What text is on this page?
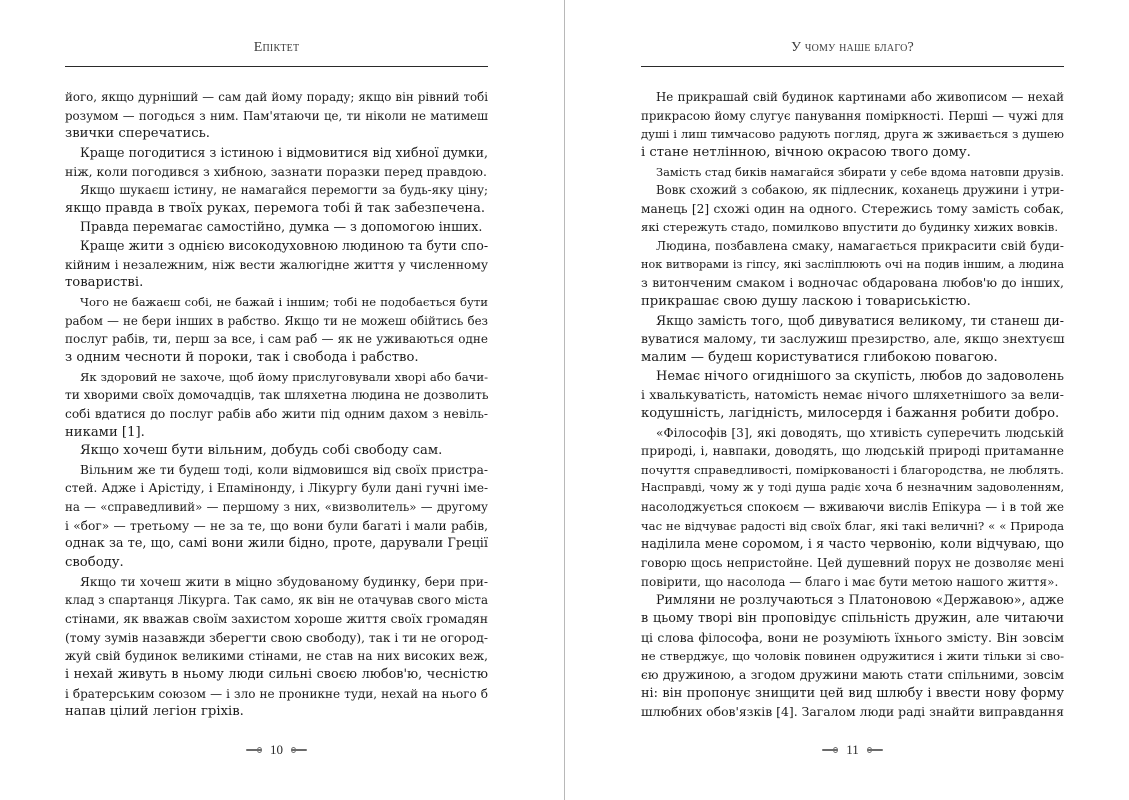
Епіктет
його, якщо дурніший — сам дай йому пораду; якщо він рівний тобі
розумом — погодься з ним. Пам'ятаючи це, ти ніколи не матимеш
звички сперечатись.
Краще погодитися з істиною і відмовитися від хибної думки,
ніж, коли погодився з хибною, зазнати поразки перед правдою.
Якщо шукаєш істину, не намагайся перемогти за будь-яку ціну;
якщо правда в твоїх руках, перемога тобі й так забезпечена.
Правда перемагає самостійно, думка — з допомогою інших.
Краще жити з однією високодуховною людиною та бути спо-
кійним і незалежним, ніж вести жалюгідне життя у численному
товаристві.
Чого не бажаєш собі, не бажай і іншим; тобі не подобається бути
рабом — не бери інших в рабство. Якщо ти не можеш обійтись без
послуг рабів, ти, перш за все, і сам раб — як не уживаються одне
з одним чесноти й пороки, так і свобода і рабство.
Як здоровий не захоче, щоб йому прислуговували хворі або бачи-
ти хворими своїх домочадців, так шляхетна людина не дозволить
собі вдатися до послуг рабів або жити під одним дахом з невіль-
никами [1].
Якщо хочеш бути вільним, добудь собі свободу сам.
Вільним же ти будеш тоді, коли відмовишся від своїх пристра-
стей. Адже і Арістіду, і Епамінонду, і Лікургу були дані гучні іме-
на — «справедливий» — першому з них, «визволитель» — другому
і «бог» — третьому — не за те, що вони були багаті і мали рабів,
однак за те, що, самі вони жили бідно, проте, дарували Греції
свободу.
Якщо ти хочеш жити в міцно збудованому будинку, бери при-
клад з спартанця Лікурга. Так само, як він не отачував свого міста
стінами, як вважав своїм захистом хороше життя своїх громадян
(тому зумів назавжди зберегти свою свободу), так і ти не огород-
жуй свій будинок великими стінами, не став на них високих веж,
і нехай живуть в ньому люди сильні своєю любов'ю, чесністю
і братерським союзом — і зло не проникне туди, нехай на нього б
напав цілий легіон гріхів.
10
У чому наше благо?
Не прикрашай свій будинок картинами або живописом — нехай
прикрасою йому слугує панування поміркності. Перші — чужі для
душі і лиш тимчасово радують погляд, друга ж зживається з душею
і стане нетлінною, вічною окрасою твого дому.
Замість стад биків намагайся збирати у себе вдома натовпи друзів.
Вовк схожий з собакою, як підлесник, коханець дружини і утри-
манець [2] схожі один на одного. Стережись тому замість собак,
які стережуть стадо, помилково впустити до будинку хижих вовків.
Людина, позбавлена смаку, намагається прикрасити свій буди-
нок витворами із гіпсу, які засліплюють очі на подив іншим, а людина
з витонченим смаком і водночас обдарована любов'ю до інших,
прикрашає свою душу ласкою і товариськістю.
Якщо замість того, щоб дивуватися великому, ти станеш ди-
вуватися малому, ти заслужиш презирство, але, якщо знехтуєш
малим — будеш користуватися глибокою повагою.
Немає нічого огиднішого за скупість, любов до задоволень
і хвалькуватість, натомість немає нічого шляхетнішого за вели-
кодушність, лагідність, милосердя і бажання робити добро.
«Філософів [3], які доводять, що хтивість суперечить людській
природі, і, навпаки, доводять, що людській природі притаманне
почуття справедливості, поміркованості і благородства, не люблять.
Насправді, чому ж у тоді душа радіє хоча б незначним задоволенням,
насолоджується спокоєм — вживаючи вислів Епікура — і в той же
час не відчуває радості від своїх благ, які такі величні? « « Природа
наділила мене соромом, і я часто червонію, коли відчуваю, що
говорю щось непристойне. Цей душевний порух не дозволяє мені
повірити, що насолода — благо і має бути метою нашого життя».
Римляни не розлучаються з Платоновою «Державою», адже
в цьому творі він проповідує спільність дружин, але читаючи
ці слова філософа, вони не розуміють їхнього змісту. Він зовсім
не стверджує, що чоловік повинен одружитися і жити тільки зі сво-
єю дружиною, а згодом дружини мають стати спільними, зовсім
ні: він пропонує знищити цей вид шлюбу і ввести нову форму
шлюбних обов'язків [4]. Загалом люди раді знайти виправдання
11
